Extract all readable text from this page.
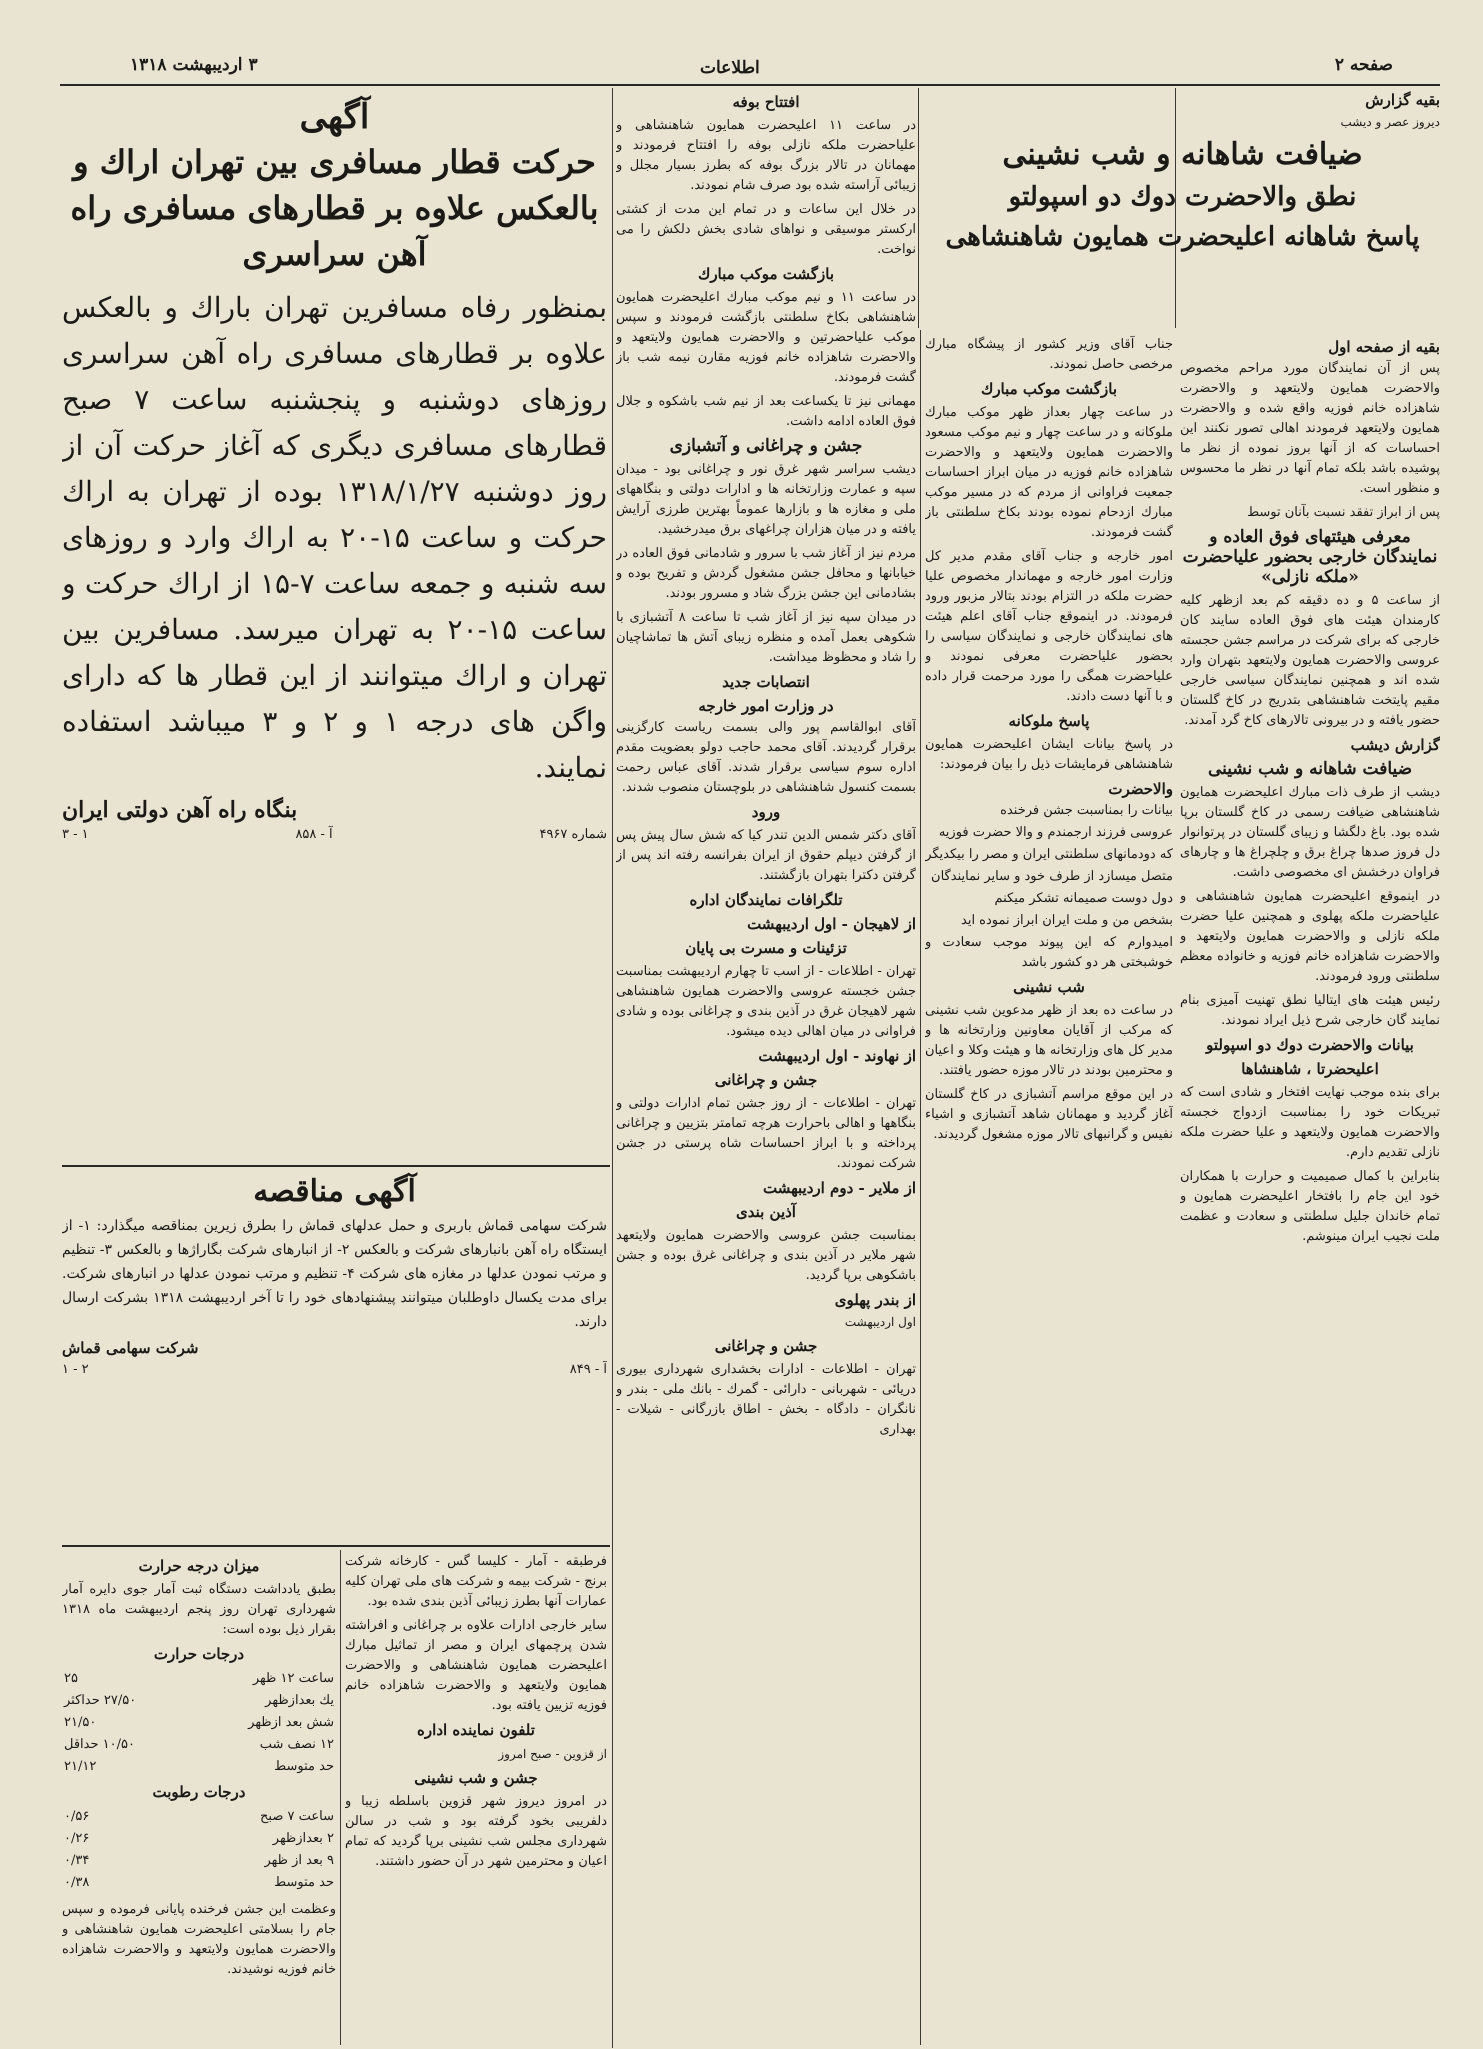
صفحه ۲
اطلاعات
۳ اردیبهشت ۱۳۱۸
بقیه گزارش
دیروز عصر و دیشب
ضیافت شاهانه و شب نشینی
نطق والاحضرت دوك دو اسپولتو
پاسخ شاهانه اعلیحضرت همایون شاهنشاهی
بقیه از صفحه اول

پس از آن نمایندگان مورد مراحم مخصوص والاحضرت همایون ولایتعهد و والاحضرت شاهزاده خانم فوزیه واقع شده و والاحضرت همایون ولایتعهد فرمودند اهالی تصور نکنند این احساسات که از آنها بروز نموده از نظر ما پوشیده باشد بلکه تمام آنها در نظر ما محسوس و منظور است.

پس از ابراز تفقد نسبت بآنان توسط

معرفی هیئتهای فوق العاده و نمایندگان خارجی بحضور علیاحضرت «ملکه نازلی»

از ساعت ۵ و ده دقیقه کم بعد ازظهر کلیه کارمندان هیئت های فوق العاده سایند کان خارجی که برای شرکت در مراسم جشن حجسته عروسی والاحضرت همایون ولایتعهد بتهران وارد شده اند و همچنین نمایندگان سیاسی خارجی مقیم پایتخت شاهنشاهی بتدریج در کاخ گلستان حضور یافته و در بیرونی تالارهای کاخ گرد آمدند.

گزارش دیشب
ضیافت شاهانه و شب نشینی

دیشب از طرف ذات مبارك اعلیحضرت همایون شاهنشاهی ضیافت رسمی در کاخ گلستان برپا شده بود. باغ دلگشا و زیبای گلستان در پرتوانوار دل فروز صدها چراغ برق و چلچراغ ها و چارهای فراوان درخشش ای مخصوصی داشت.

در اینموقع اعلیحضرت همایون شاهنشاهی و علیاحضرت ملکه پهلوی و همچنین علیا حضرت ملکه نازلی و والاحضرت همایون ولایتعهد و والاحضرت شاهزاده خانم فوزیه و خانواده معظم سلطنتی ورود فرمودند.

رئیس هیئت های ایتالیا نطق تهنیت آمیزی بنام نمایند گان خارجی شرح ذیل ایراد نمودند.

بیانات والاحضرت دوك دو اسپولتو
اعلیحضرتا ، شاهنشاها

برای بنده موجب نهایت افتخار و شادی است که تبریکات خود را بمناسبت ازدواج خجسته والاحضرت همایون ولایتعهد و علیا حضرت ملکه نازلی تقدیم دارم.

بنابراین با کمال صمیمیت و حرارت با همکاران خود این جام را بافتخار اعلیحضرت همایون و تمام خاندان جلیل سلطنتی و سعادت و عظمت ملت نجیب ایران مینوشم.

جناب آقای وزیر کشور از پیشگاه مبارك مرخصی حاصل نمودند.

بازگشت موکب مبارك

در ساعت چهار بعداز ظهر موکب مبارك ملوکانه و در ساعت چهار و نیم موکب مسعود والاحضرت همایون ولایتعهد و والاحضرت شاهزاده خانم فوزیه در میان ابراز احساسات جمعیت فراوانی از مردم که در مسیر موکب مبارك ازدحام نموده بودند بکاخ سلطنتی باز گشت فرمودند.

امور خارجه و جناب آقای مقدم مدیر کل وزارت امور خارجه و مهماندار مخصوص علیا حضرت ملکه در التزام بودند بتالار مزبور ورود فرمودند. در اینموقع جناب آقای اعلم هیئت های نمایندگان خارجی و نمایندگان سیاسی را بحضور علیاحضرت معرفی نمودند و علیاحضرت همگی را مورد مرحمت قرار داده و با آنها دست دادند.

پاسخ ملوکانه

در پاسخ بیانات ایشان اعلیحضرت همایون شاهنشاهی فرمایشات ذیل را بیان فرمودند:

والاحضرت
بیانات را بمناسبت جشن فرخنده
عروسی فرزند ارجمندم و والا حضرت فوزیه
که دودمانهای سلطنتی ایران و مصر را بیکدیگر
متصل میسازد از طرف خود و سایر نمایندگان
دول دوست صمیمانه تشکر میکنم
بشخص من و ملت ایران ابراز نموده اید
امیدوارم که این پیوند موجب سعادت و خوشبختی هر دو کشور باشد
شب نشینی

در ساعت ده بعد از ظهر مدعوین شب نشینی که مرکب از آقایان معاونین وزارتخانه ها و مدیر کل های وزارتخانه ها و هیئت وکلا و اعیان و محترمین بودند در تالار موزه حضور یافتند.

در این موقع مراسم آتشبازی در کاخ گلستان آغاز گردید و مهمانان شاهد آتشبازی و اشیاء نفیس و گرانبهای تالار موزه مشغول گردیدند.

افتتاح بوفه

در ساعت ۱۱ اعلیحضرت همایون شاهنشاهی و علیاحضرت ملکه نازلی بوفه را افتتاح فرمودند و مهمانان در تالار بزرگ بوفه که بطرز بسیار مجلل و زیبائی آراسته شده بود صرف شام نمودند.

در خلال این ساعات و در تمام این مدت از کشتی ارکستر موسیقی و نواهای شادی بخش دلکش را می نواخت.

بازگشت موکب مبارك

در ساعت ۱۱ و نیم موکب مبارك اعلیحضرت همایون شاهنشاهی بکاخ سلطنتی بازگشت فرمودند و سپس موکب علیاحضرتین و والاحضرت همایون ولایتعهد و والاحضرت شاهزاده خانم فوزیه مقارن نیمه شب باز گشت فرمودند.

مهمانی نیز تا یکساعت بعد از نیم شب باشکوه و جلال فوق العاده ادامه داشت.

جشن و چراغانی و آتشبازی

دیشب سراسر شهر غرق نور و چراغانی بود - میدان سپه و عمارت وزارتخانه ها و ادارات دولتی و بنگاههای ملی و مغازه ها و بازارها عموماً بهترین طرزی آرایش یافته و در میان هزاران چراغهای برق میدرخشید.

مردم نیز از آغاز شب با سرور و شادمانی فوق العاده در خیابانها و محافل جشن مشغول گردش و تفریح بوده و بشادمانی این جشن بزرگ شاد و مسرور بودند.

در میدان سپه نیز از آغاز شب تا ساعت ۸ آتشبازی با شکوهی بعمل آمده و منظره زیبای آتش ها تماشاچیان را شاد و محظوظ میداشت.

انتصابات جدید
در وزارت امور خارجه

آقای ابوالقاسم پور والی بسمت ریاست کارگزینی برقرار گردیدند. آقای محمد حاجب دولو بعضویت مقدم اداره سوم سیاسی برقرار شدند. آقای عباس رحمت بسمت کنسول شاهنشاهی در بلوچستان منصوب شدند.

ورود

آقای دکتر شمس الدین تندر کیا که شش سال پیش پس از گرفتن دیپلم حقوق از ایران بفرانسه رفته اند پس از گرفتن دکترا بتهران بازگشتند.

تلگرافات نمایندگان اداره
از لاهیجان - اول اردیبهشت
تزئینات و مسرت بی پایان

تهران - اطلاعات - از اسب تا چهارم اردیبهشت بمناسبت جشن خجسته عروسی والاحضرت همایون شاهنشاهی شهر لاهیجان غرق در آذین بندی و چراغانی بوده و شادی فراوانی در میان اهالی دیده میشود.

از نهاوند - اول اردیبهشت
جشن و چراغانی

تهران - اطلاعات - از روز جشن تمام ادارات دولتی و بنگاهها و اهالی باحرارت هرچه تمامتر بتزیین و چراغانی پرداخته و با ابراز احساسات شاه پرستی در جشن شرکت نمودند.

از ملایر - دوم اردیبهشت
آذین بندی

بمناسبت جشن عروسی والاحضرت همایون ولایتعهد شهر ملایر در آذین بندی و چراغانی غرق بوده و جشن باشکوهی برپا گردید.

از بندر پهلوی
اول اردیبهشت
جشن و چراغانی

تهران - اطلاعات - ادارات بخشداری شهرداری بیوری دریائی - شهربانی - دارائی - گمرك - بانك ملی - بندر و نانگران - دادگاه - بخش - اطاق بازرگانی - شیلات - بهداری

آگهی
حرکت قطار مسافری بین تهران اراك و بالعکس علاوه بر قطارهای مسافری راه آهن سراسری
بمنظور رفاه مسافرین تهران باراك و بالعکس علاوه بر قطارهای مسافری راه آهن سراسری روزهای دوشنبه و پنجشنبه ساعت ۷ صبح قطارهای مسافری دیگری که آغاز حرکت آن از روز دوشنبه ۱۳۱۸/۱/۲۷ بوده از تهران به اراك حرکت و ساعت ۱۵-۲۰ به اراك وارد و روزهای سه شنبه و جمعه ساعت ۷-۱۵ از اراك حرکت و ساعت ۱۵-۲۰ به تهران میرسد. مسافرین بین تهران و اراك میتوانند از این قطار ها که دارای واگن های درجه ۱ و ۲ و ۳ میباشد استفاده نمایند.
بنگاه راه آهن دولتی ایران
شماره ۴۹۶۷
آ - ۸۵۸
۱ - ۳
آگهی مناقصه

شرکت سهامی قماش باربری و حمل عدلهای قماش را بطرق زیرین بمناقصه میگذارد: ۱- از ایستگاه راه آهن بانبارهای شرکت و بالعکس ۲- از انبارهای شرکت بگاراژها و بالعکس ۳- تنظیم و مرتب نمودن عدلها در مغازه های شرکت ۴- تنظیم و مرتب نمودن عدلها در انبارهای شرکت. برای مدت یکسال داوطلبان میتوانند پیشنهادهای خود را تا آخر اردیبهشت ۱۳۱۸ بشرکت ارسال دارند.

شرکت سهامی قماش
آ - ۸۴۹
۲ - ۱
میزان درجه حرارت

بطبق یادداشت دستگاه ثبت آمار جوی دایره آمار شهرداری تهران روز پنجم اردیبهشت ماه ۱۳۱۸ بقرار ذیل بوده است:

درجات حرارت
ساعت ۱۲ ظهر	۲۵
یك بعدازظهر	۲۷/۵۰ حداکثر
شش بعد ازظهر	۲۱/۵۰
۱۲ نصف شب	۱۰/۵۰ حداقل
حد متوسط	۲۱/۱۲
درجات رطوبت
ساعت ۷ صبح	۰/۵۶
۲ بعدازظهر	۰/۲۶
۹ بعد از ظهر	۰/۳۴
حد متوسط	۰/۳۸

وعظمت این جشن فرخنده پایانی فرموده و سپس جام را بسلامتی اعلیحضرت همایون شاهنشاهی و والاحضرت همایون ولایتعهد و والاحضرت شاهزاده خانم فوزیه نوشیدند.

فرطبقه - آمار - کلیسا گس - کارخانه شرکت برنج - شرکت بیمه و شرکت های ملی تهران کلیه عمارات آنها بطرز زیبائی آذین بندی شده بود.

سایر خارجی ادارات علاوه بر چراغانی و افراشته شدن پرچمهای ایران و مصر از تماثیل مبارك اعلیحضرت همایون شاهنشاهی و والاحضرت همایون ولایتعهد و والاحضرت شاهزاده خانم فوزیه تزیین یافته بود.

تلفون نماینده اداره
از قزوین - صبح امروز
جشن و شب نشینی

در امروز دیروز شهر قزوین باسلطه زیبا و دلفریبی بخود گرفته بود و شب در سالن شهرداری مجلس شب نشینی برپا گردید که تمام اعیان و محترمین شهر در آن حضور داشتند.
